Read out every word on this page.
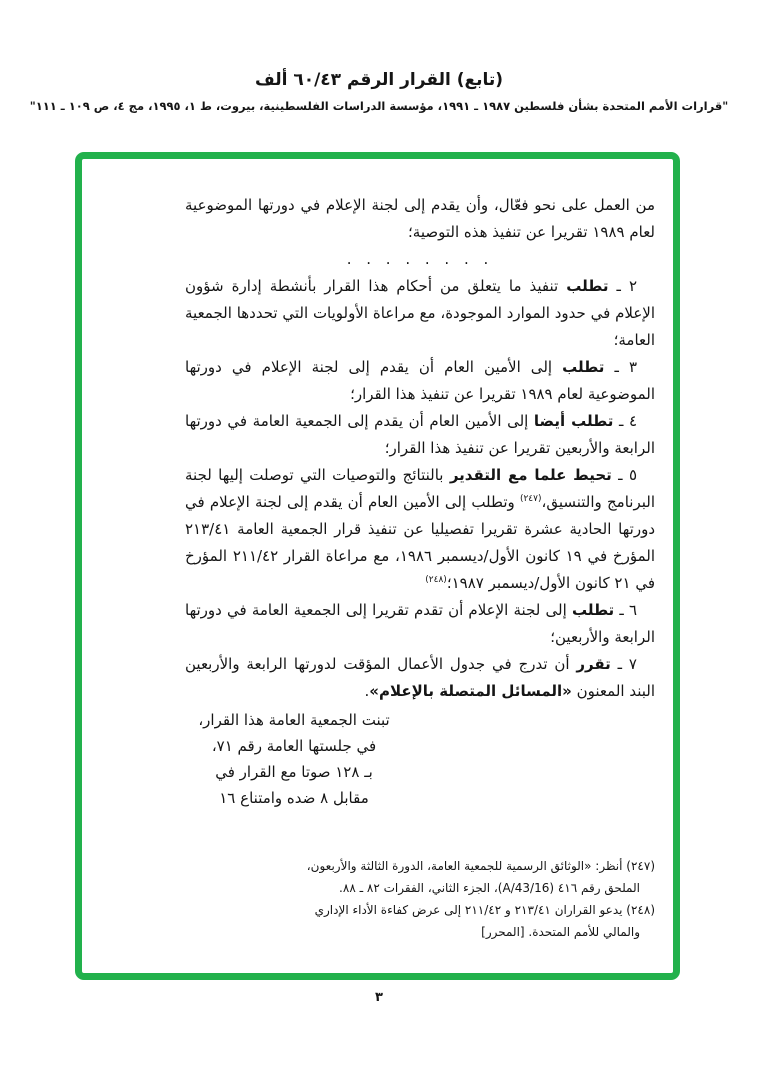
(تابع) القرار الرقم ٦٠/٤٣ ألف
"قرارات الأمم المتحدة بشأن فلسطين ١٩٨٧ ـ ١٩٩١، مؤسسة الدراسات الفلسطينية، بيروت، ط ١، ١٩٩٥، مج ٤، ص ١٠٩ ـ ١١١"

من العمل على نحو فعّال، وأن يقدم إلى لجنة الإعلام في دورتها الموضوعية لعام ١٩٨٩ تقريرا عن تنفيذ هذه التوصية؛

. . . . . . . .

٢ ـ تطلب تنفيذ ما يتعلق من أحكام هذا القرار بأنشطة إدارة شؤون الإعلام في حدود الموارد الموجودة، مع مراعاة الأولويات التي تحددها الجمعية العامة؛

٣ ـ تطلب إلى الأمين العام أن يقدم إلى لجنة الإعلام في دورتها الموضوعية لعام ١٩٨٩ تقريرا عن تنفيذ هذا القرار؛

٤ ـ تطلب أيضا إلى الأمين العام أن يقدم إلى الجمعية العامة في دورتها الرابعة والأربعين تقريرا عن تنفيذ هذا القرار؛

٥ ـ تحيط علما مع التقدير بالنتائج والتوصيات التي توصلت إليها لجنة البرنامج والتنسيق،$^{(٢٤٧)}$ وتطلب إلى الأمين العام أن يقدم إلى لجنة الإعلام في دورتها الحادية عشرة تقريرا تفصيليا عن تنفيذ قرار الجمعية العامة ٢١٣/٤١ المؤرخ في ١٩ كانون الأول/ديسمبر ١٩٨٦، مع مراعاة القرار ٢١١/٤٢ المؤرخ في ٢١ كانون الأول/ديسمبر ١٩٨٧؛$^{(٢٤٨)}$

٦ ـ تطلب إلى لجنة الإعلام أن تقدم تقريرا إلى الجمعية العامة في دورتها الرابعة والأربعين؛

٧ ـ تقرر أن تدرج في جدول الأعمال المؤقت لدورتها الرابعة والأربعين البند المعنون «المسائل المتصلة بالإعلام».

تبنت الجمعية العامة هذا القرار،
في جلستها العامة رقم ٧١،
بـ ١٢٨ صوتا مع القرار في
مقابل ٨ ضده وامتناع ١٦
(٢٤٧) أنظر: «الوثائق الرسمية للجمعية العامة، الدورة الثالثة والأربعون،
الملحق رقم ٤١٦ (A/43/16)، الجزء الثاني، الفقرات ٨٢ ـ ٨٨.
(٢٤٨) يدعو القراران ٢١٣/٤١ و ٢١١/٤٢ إلى عرض كفاءة الأداء الإداري
والمالي للأمم المتحدة. [المحرر]
٣
